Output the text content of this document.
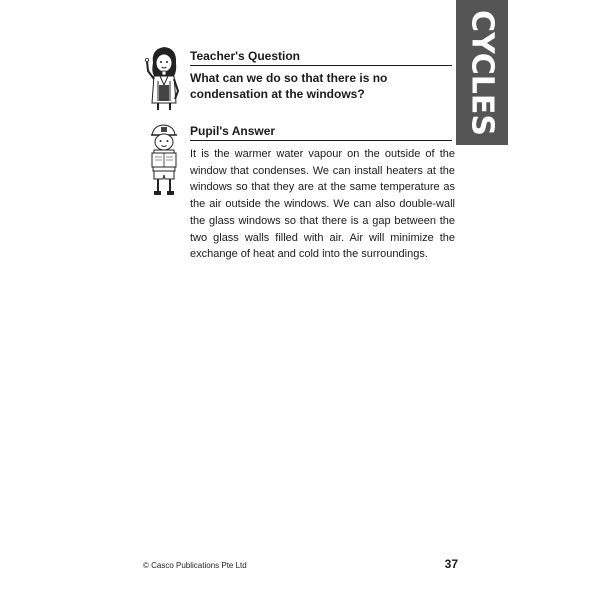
CYCLES
Teacher's Question
What can we do so that there is no condensation at the windows?
Pupil's Answer
It is the warmer water vapour on the outside of the window that condenses. We can install heaters at the windows so that they are at the same temperature as the air outside the windows. We can also double-wall the glass windows so that there is a gap between the two glass walls filled with air. Air will minimize the exchange of heat and cold into the surroundings.
© Casco Publications Pte Ltd	37
